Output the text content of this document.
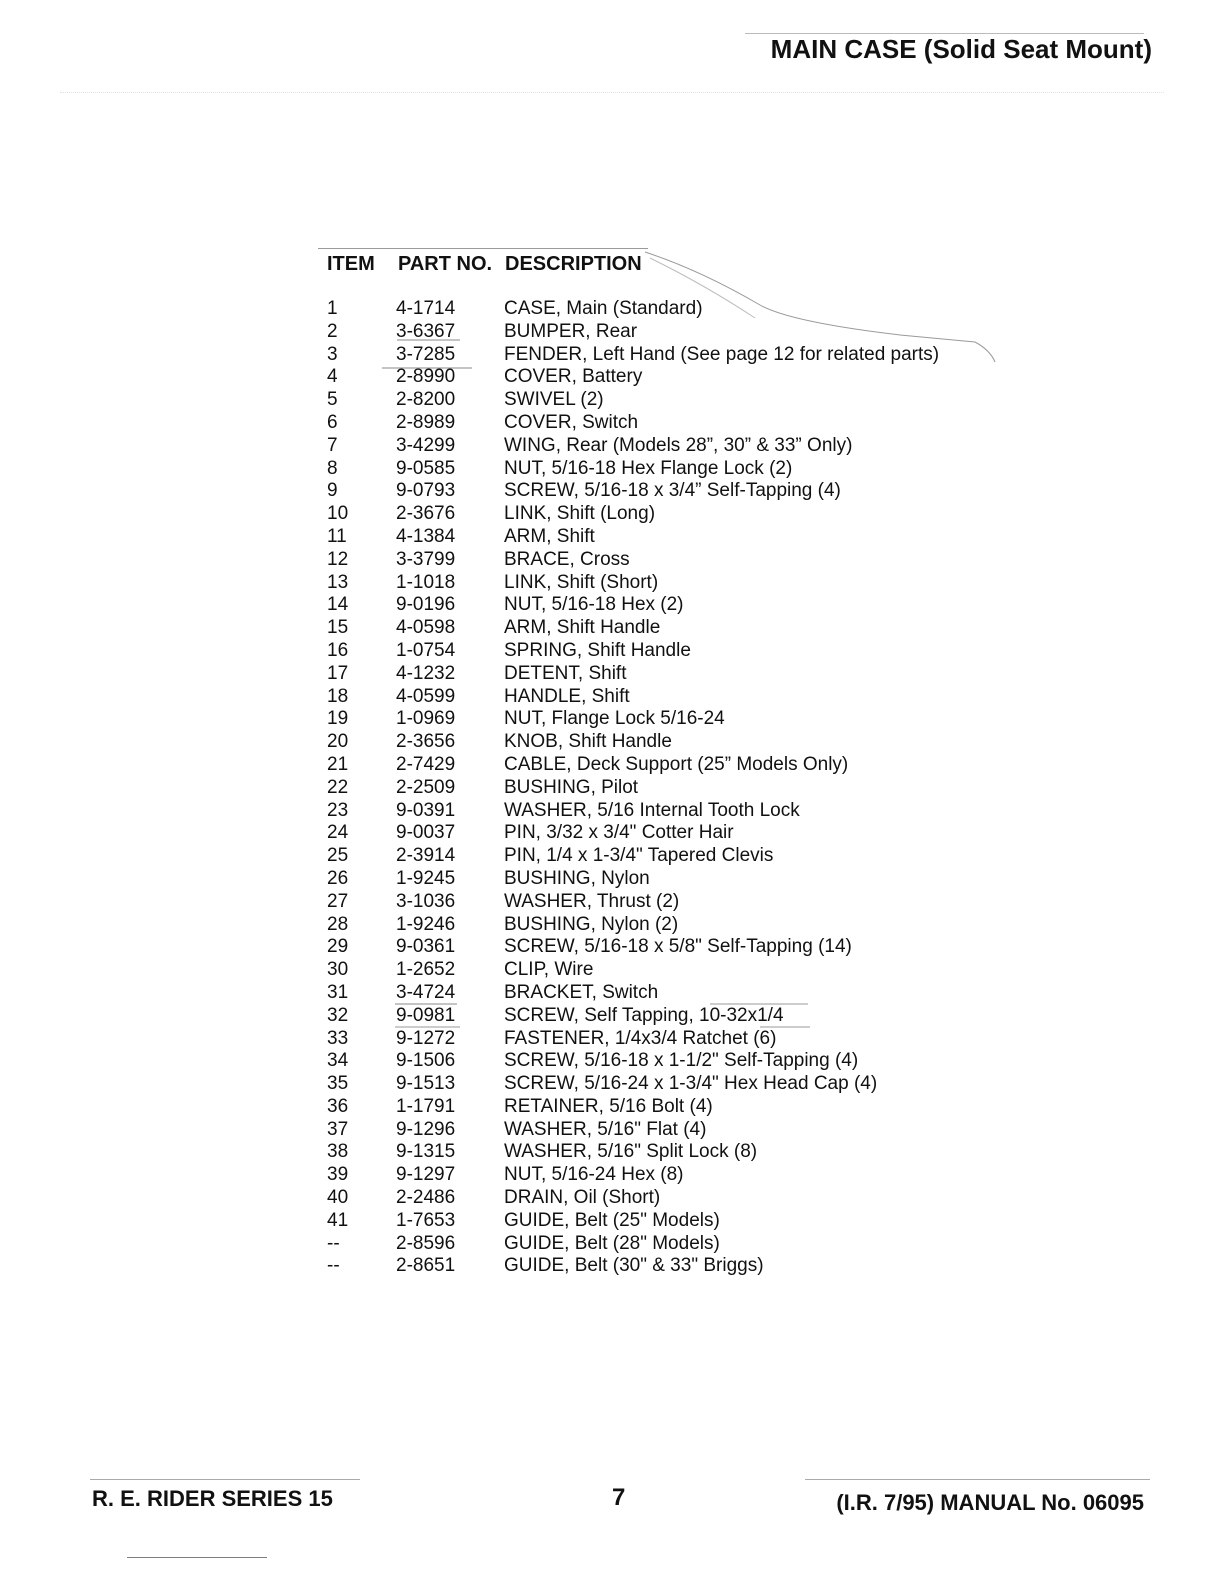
MAIN CASE (Solid Seat Mount)
ITEM PART NO. DESCRIPTION
1	4-1714	CASE, Main (Standard)
2	3-6367	BUMPER, Rear
3	3-7285	FENDER, Left Hand (See page 12 for related parts)
4	2-8990	COVER, Battery
5	2-8200	SWIVEL (2)
6	2-8989	COVER, Switch
7	3-4299	WING, Rear (Models 28”, 30” & 33” Only)
8	9-0585	NUT, 5/16-18 Hex Flange Lock (2)
9	9-0793	SCREW, 5/16-18 x 3/4” Self-Tapping (4)
10	2-3676	LINK, Shift (Long)
11	4-1384	ARM, Shift
12	3-3799	BRACE, Cross
13	1-1018	LINK, Shift (Short)
14	9-0196	NUT, 5/16-18 Hex (2)
15	4-0598	ARM, Shift Handle
16	1-0754	SPRING, Shift Handle
17	4-1232	DETENT, Shift
18	4-0599	HANDLE, Shift
19	1-0969	NUT, Flange Lock 5/16-24
20	2-3656	KNOB, Shift Handle
21	2-7429	CABLE, Deck Support (25” Models Only)
22	2-2509	BUSHING, Pilot
23	9-0391	WASHER, 5/16 Internal Tooth Lock
24	9-0037	PIN, 3/32 x 3/4" Cotter Hair
25	2-3914	PIN, 1/4 x 1-3/4" Tapered Clevis
26	1-9245	BUSHING, Nylon
27	3-1036	WASHER, Thrust (2)
28	1-9246	BUSHING, Nylon (2)
29	9-0361	SCREW, 5/16-18 x 5/8" Self-Tapping (14)
30	1-2652	CLIP, Wire
31	3-4724	BRACKET, Switch
32	9-0981	SCREW, Self Tapping, 10-32x1/4
33	9-1272	FASTENER, 1/4x3/4 Ratchet (6)
34	9-1506	SCREW, 5/16-18 x 1-1/2" Self-Tapping (4)
35	9-1513	SCREW, 5/16-24 x 1-3/4" Hex Head Cap (4)
36	1-1791	RETAINER, 5/16 Bolt (4)
37	9-1296	WASHER, 5/16" Flat (4)
38	9-1315	WASHER, 5/16" Split Lock (8)
39	9-1297	NUT, 5/16-24 Hex (8)
40	2-2486	DRAIN, Oil (Short)
41	1-7653	GUIDE, Belt (25" Models)
--	2-8596	GUIDE, Belt (28" Models)
--	2-8651	GUIDE, Belt (30" & 33" Briggs)
R. E. RIDER SERIES 15	7	(I.R. 7/95) MANUAL No. 06095
